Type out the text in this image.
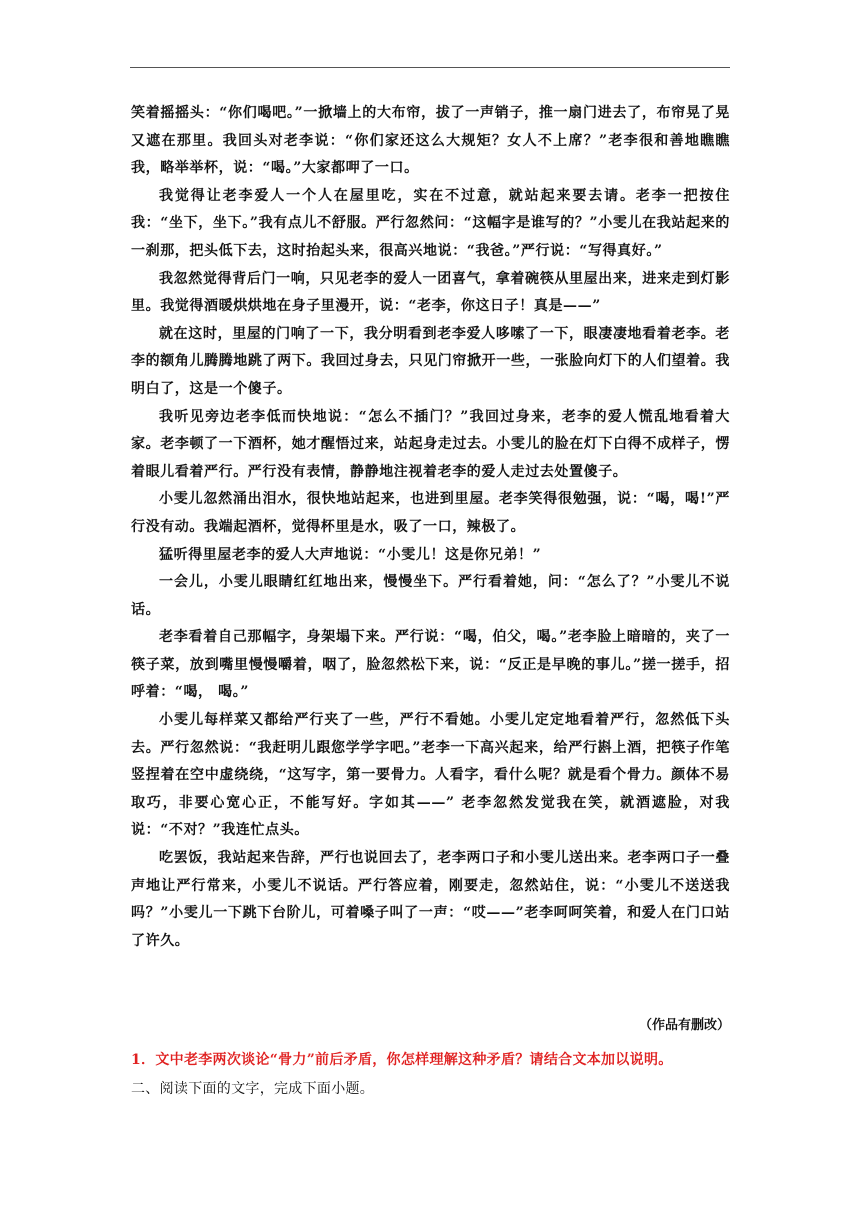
笑着摇摇头：“你们喝吧。”一掀墙上的大布帘，拔了一声销子，推一扇门进去了，布帘晃了晃又遮在那里。我回头对老李说：“你们家还这么大规矩？女人不上席？”老李很和善地瞧瞧我，略举举杯，说：“喝。”大家都呷了一口。

我觉得让老李爱人一个人在屋里吃，实在不过意，就站起来要去请。老李一把按住我：“坐下，坐下。”我有点儿不舒服。严行忽然问：“这幅字是谁写的？”小雯儿在我站起来的一刹那，把头低下去，这时抬起头来，很高兴地说：“我爸。”严行说：“写得真好。”

我忽然觉得背后门一响，只见老李的爱人一团喜气，拿着碗筷从里屋出来，进来走到灯影里。我觉得酒暖烘烘地在身子里漫开，说：“老李，你这日子！真是——”

就在这时，里屋的门响了一下，我分明看到老李爱人哆嗦了一下，眼凄凄地看着老李。老李的额角儿腾腾地跳了两下。我回过身去，只见门帘掀开一些，一张脸向灯下的人们望着。我明白了，这是一个傻子。

我听见旁边老李低而快地说：“怎么不插门？”我回过身来，老李的爱人慌乱地看着大家。老李顿了一下酒杯，她才醒悟过来，站起身走过去。小雯儿的脸在灯下白得不成样子，愣着眼儿看着严行。严行没有表情，静静地注视着老李的爱人走过去处置傻子。

小雯儿忽然涌出泪水，很快地站起来，也进到里屋。老李笑得很勉强，说：“喝，喝!”严行没有动。我端起酒杯，觉得杯里是水，吸了一口，辣极了。

猛听得里屋老李的爱人大声地说：“小雯儿！这是你兄弟！”

一会儿，小雯儿眼睛红红地出来，慢慢坐下。严行看着她，问：“怎么了？”小雯儿不说话。

老李看着自己那幅字，身架塌下来。严行说：“喝，伯父，喝。”老李脸上暗暗的，夹了一筷子菜，放到嘴里慢慢嚼着，咽了，脸忽然松下来，说：“反正是早晚的事儿。”搓一搓手，招呼着：“喝， 喝。”

小雯儿每样菜又都给严行夹了一些，严行不看她。小雯儿定定地看着严行，忽然低下头去。严行忽然说：“我赶明儿跟您学学字吧。”老李一下高兴起来，给严行斟上酒，把筷子作笔竖捏着在空中虚绕绕，“这写字，第一要骨力。人看字，看什么呢？就是看个骨力。颜体不易取巧，非要心宽心正，不能写好。字如其——” 老李忽然发觉我在笑，就酒遮脸，对我说：“不对？”我连忙点头。

吃罢饭，我站起来告辞，严行也说回去了，老李两口子和小雯儿送出来。老李两口子一叠声地让严行常来，小雯儿不说话。严行答应着，刚要走，忽然站住，说：“小雯儿不送送我吗？”小雯儿一下跳下台阶儿，可着嗓子叫了一声：“哎——”老李呵呵笑着，和爱人在门口站了许久。

（作品有删改）
1．文中老李两次谈论“骨力”前后矛盾，你怎样理解这种矛盾？请结合文本加以说明。
二、阅读下面的文字，完成下面小题。
